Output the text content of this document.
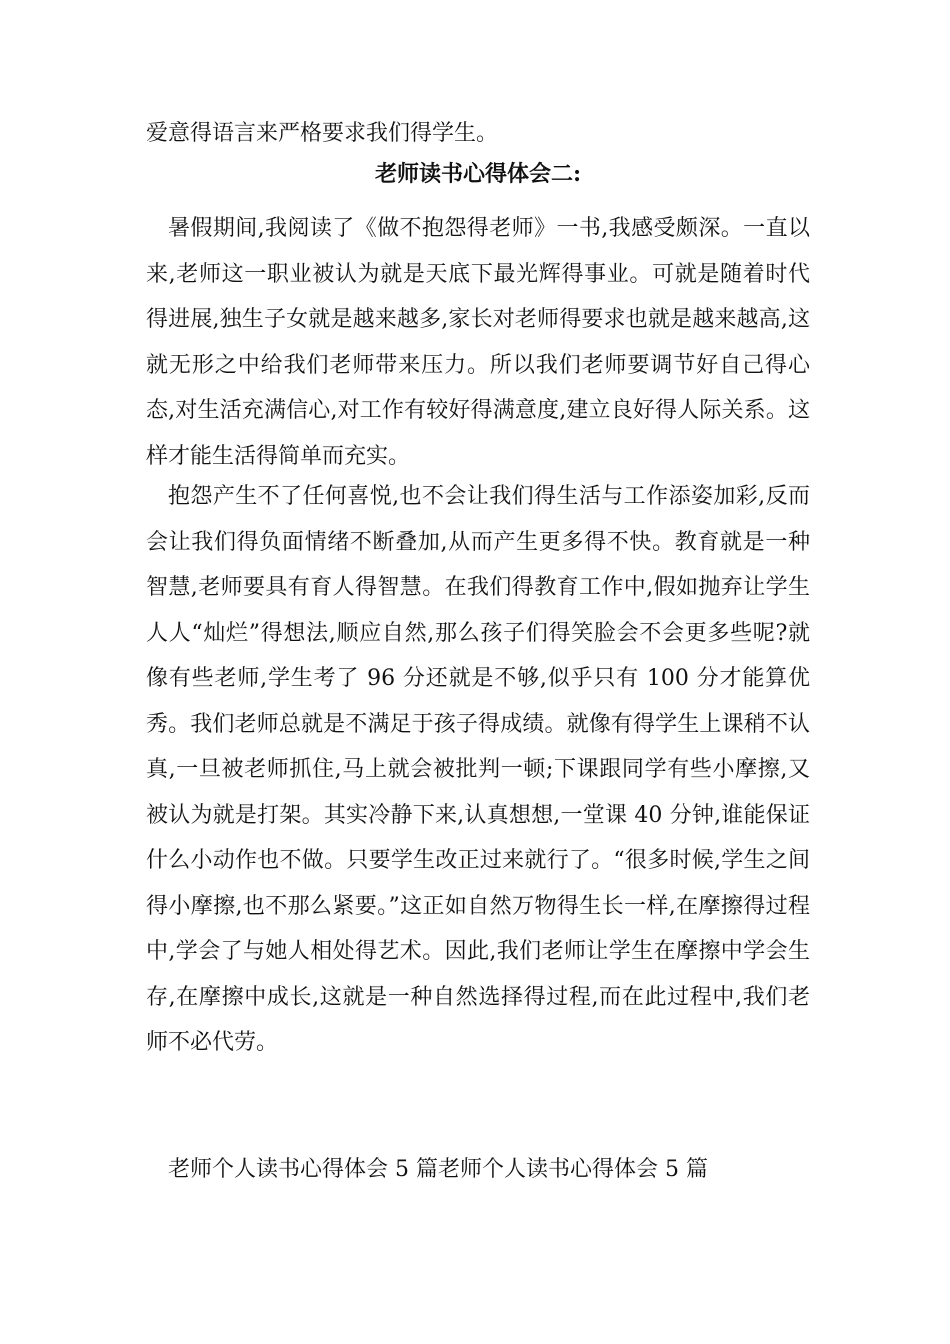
爱意得语言来严格要求我们得学生。
老师读书心得体会二:
暑假期间,我阅读了《做不抱怨得老师》一书,我感受颇深。一直以来,老师这一职业被认为就是天底下最光辉得事业。可就是随着时代得进展,独生子女就是越来越多,家长对老师得要求也就是越来越高,这就无形之中给我们老师带来压力。所以我们老师要调节好自己得心态,对生活充满信心,对工作有较好得满意度,建立良好得人际关系。这样才能生活得简单而充实。
抱怨产生不了任何喜悦,也不会让我们得生活与工作添姿加彩,反而会让我们得负面情绪不断叠加,从而产生更多得不快。教育就是一种智慧,老师要具有育人得智慧。在我们得教育工作中,假如抛弃让学生人人“灿烂”得想法,顺应自然,那么孩子们得笑脸会不会更多些呢?就像有些老师,学生考了 96 分还就是不够,似乎只有 100 分才能算优秀。我们老师总就是不满足于孩子得成绩。就像有得学生上课稍不认真,一旦被老师抓住,马上就会被批判一顿;下课跟同学有些小摩擦,又被认为就是打架。其实冷静下来,认真想想,一堂课 40 分钟,谁能保证什么小动作也不做。只要学生改正过来就行了。“很多时候,学生之间得小摩擦,也不那么紧要。”这正如自然万物得生长一样,在摩擦得过程中,学会了与她人相处得艺术。因此,我们老师让学生在摩擦中学会生存,在摩擦中成长,这就是一种自然选择得过程,而在此过程中,我们老师不必代劳。
老师个人读书心得体会 5 篇老师个人读书心得体会 5 篇
